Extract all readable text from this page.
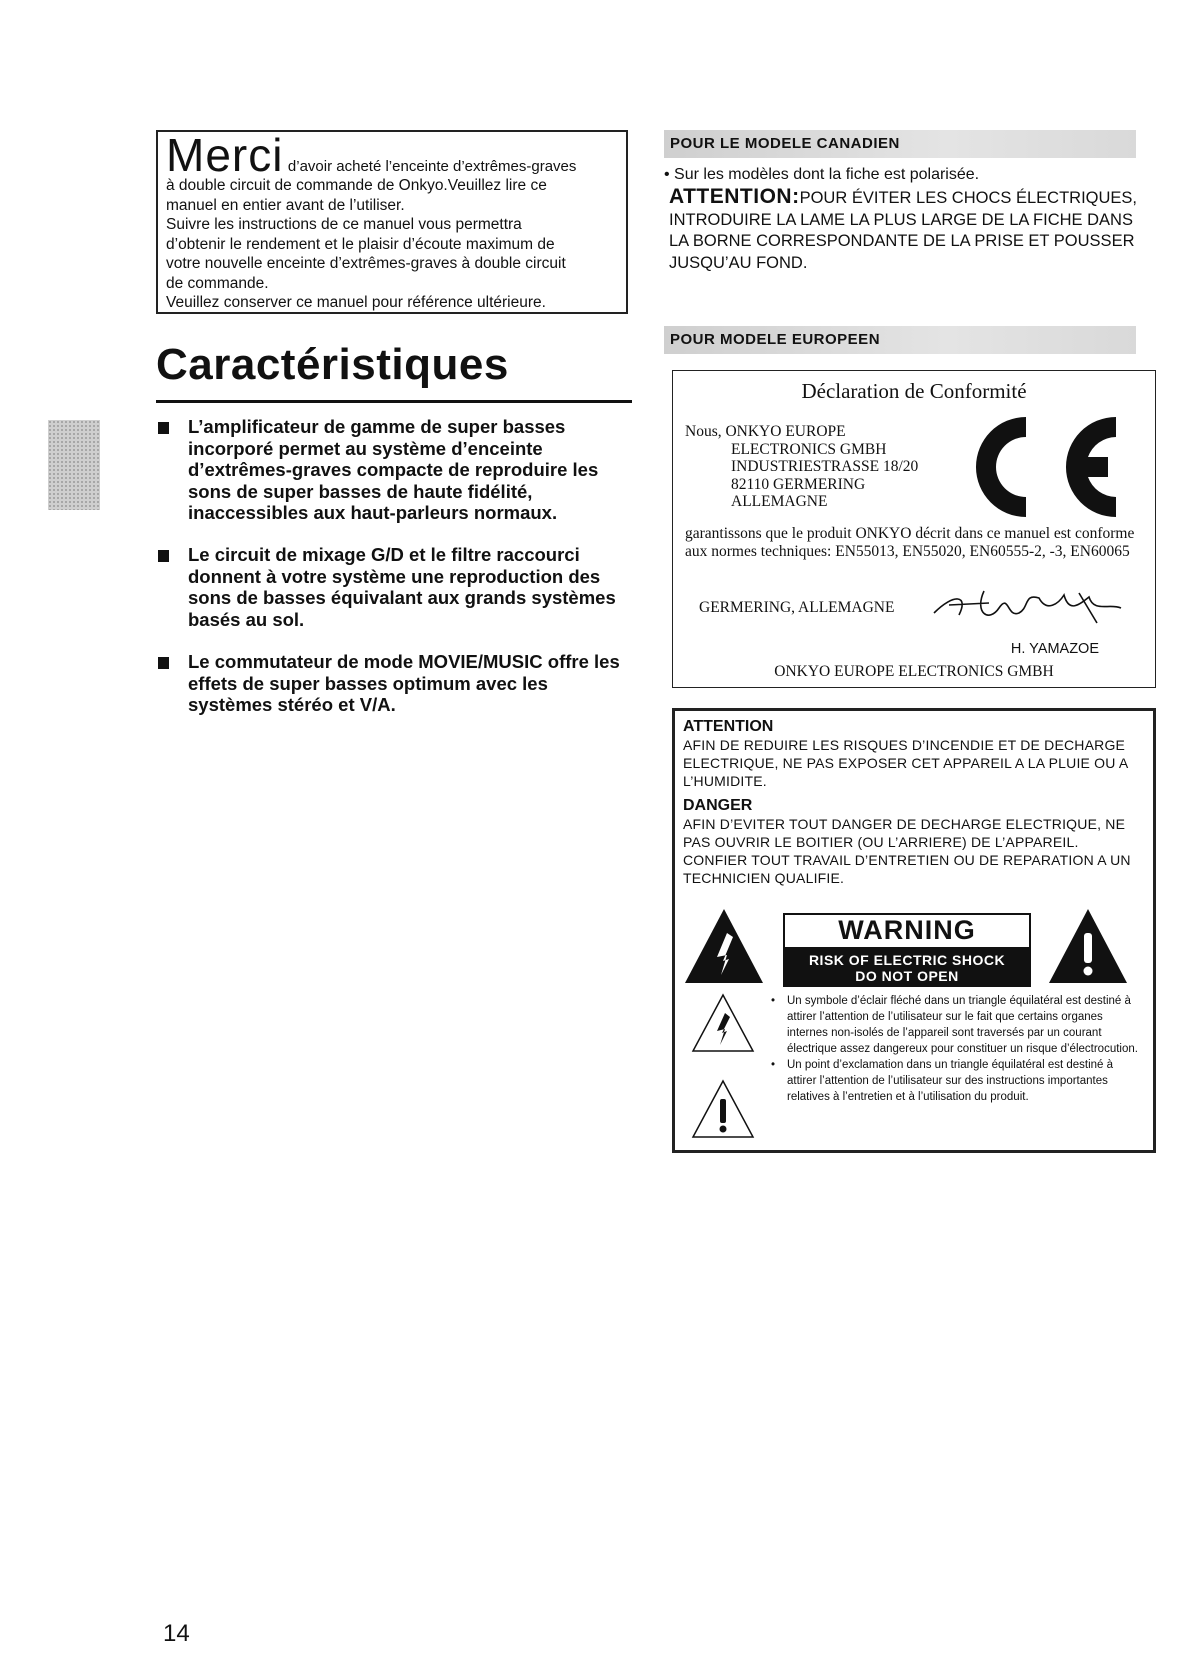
Merci d’avoir acheté l’enceinte d’extrêmes-graves
à double circuit de commande de Onkyo.Veuillez lire ce
manuel en entier avant de l’utiliser.
Suivre les instructions de ce manuel vous permettra
d’obtenir le rendement et le plaisir d’écoute maximum de
votre nouvelle enceinte d’extrêmes-graves à double circuit
de commande.
Veuillez conserver ce manuel pour référence ultérieure.
Caractéristiques
L’amplificateur de gamme de super basses incorporé permet au système d’enceinte d’extrêmes-graves compacte de reproduire les sons de super basses de haute fidélité, inaccessibles aux haut-parleurs normaux.
Le circuit de mixage G/D et le filtre raccourci donnent à votre système une reproduction des sons de basses équivalant aux grands systèmes basés au sol.
Le commutateur de mode MOVIE/MUSIC offre les effets de super basses optimum avec les systèmes stéréo et V/A.
POUR LE MODELE CANADIEN
• Sur les modèles dont la fiche est polarisée.
ATTENTION:POUR ÉVITER LES CHOCS ÉLECTRIQUES, INTRODUIRE LA LAME LA PLUS LARGE DE LA FICHE DANS LA BORNE CORRESPONDANTE DE LA PRISE ET POUSSER JUSQU’AU FOND.
POUR MODELE EUROPEEN
Déclaration de Conformité
Nous, ONKYO EUROPE
ELECTRONICS GMBH
INDUSTRIESTRASSE 18/20
82110 GERMERING
ALLEMAGNE
garantissons que le produit ONKYO décrit dans ce manuel est conforme aux normes techniques: EN55013, EN55020, EN60555-2, -3, EN60065
GERMERING, ALLEMAGNE
H. YAMAZOE
ONKYO EUROPE ELECTRONICS GMBH
ATTENTION
AFIN DE REDUIRE LES RISQUES D’INCENDIE ET DE DECHARGE ELECTRIQUE, NE PAS EXPOSER CET APPAREIL A LA PLUIE OU A L’HUMIDITE.
DANGER
AFIN D’EVITER TOUT DANGER DE DECHARGE ELECTRIQUE, NE PAS OUVRIR LE BOITIER (OU L’ARRIERE) DE L’APPAREIL. CONFIER TOUT TRAVAIL D’ENTRETIEN OU DE REPARATION A UN TECHNICIEN QUALIFIE.
WARNING
RISK OF ELECTRIC SHOCK
DO NOT OPEN
• Un symbole d’éclair fléché dans un triangle équilatéral est destiné à attirer l’attention de l’utilisateur sur le fait que certains organes internes non-isolés de l’appareil sont traversés par un courant électrique assez dangereux pour constituer un risque d’électrocution.
• Un point d’exclamation dans un triangle équilatéral est destiné à attirer l’attention de l’utilisateur sur des instructions importantes relatives à l’entretien et à l’utilisation du produit.
14
